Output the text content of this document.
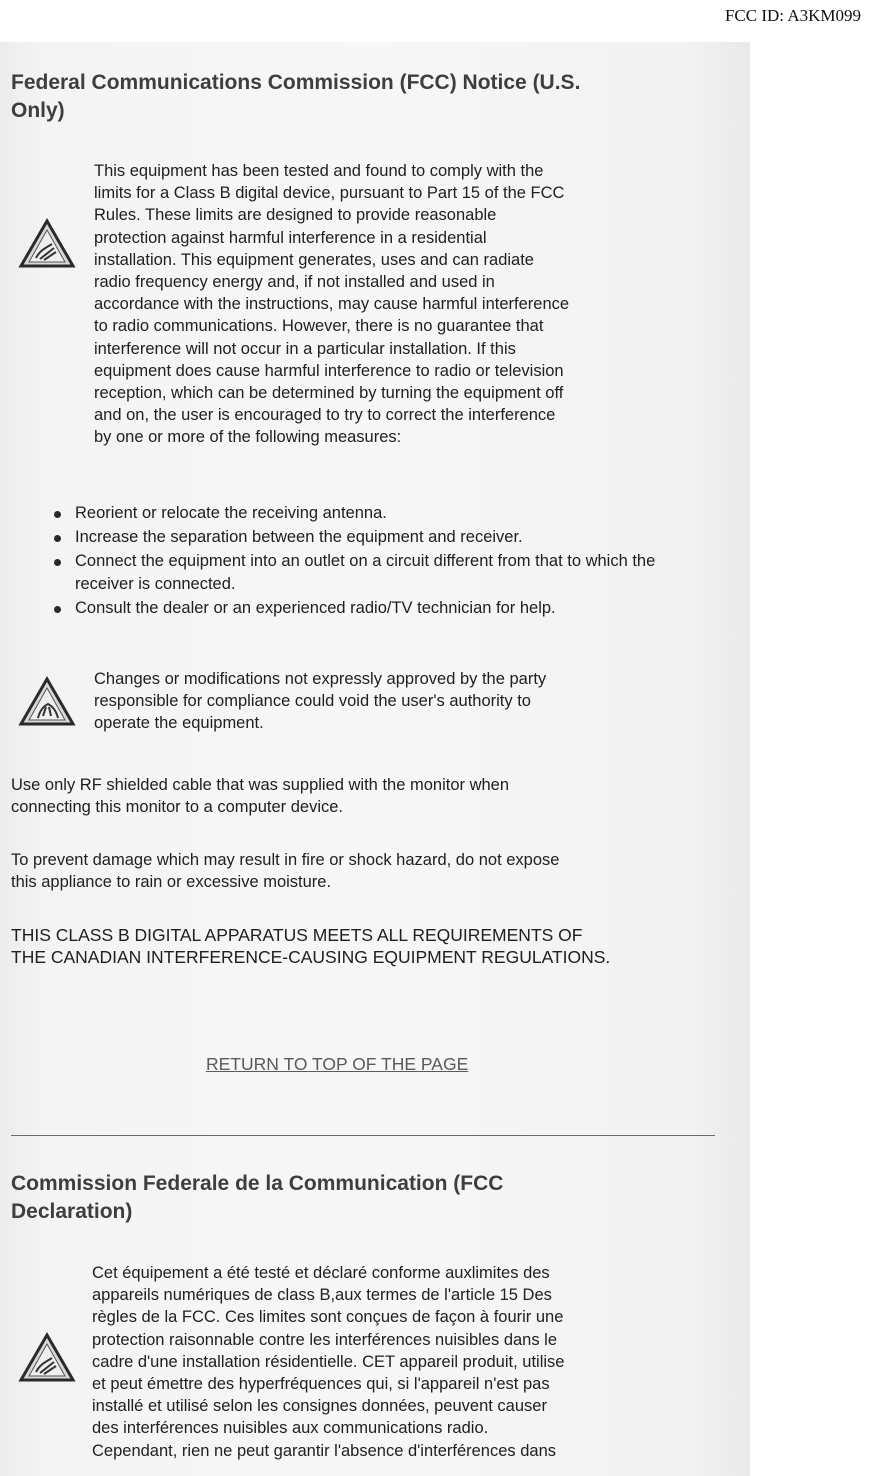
FCC ID: A3KM099
Federal Communications Commission (FCC) Notice (U.S.
Only)
This equipment has been tested and found to comply with the
limits for a Class B digital device, pursuant to Part 15 of the FCC
Rules. These limits are designed to provide reasonable
protection against harmful interference in a residential
installation. This equipment generates, uses and can radiate
radio frequency energy and, if not installed and used in
accordance with the instructions, may cause harmful interference
to radio communications. However, there is no guarantee that
interference will not occur in a particular installation. If this
equipment does cause harmful interference to radio or television
reception, which can be determined by turning the equipment off
and on, the user is encouraged to try to correct the interference
by one or more of the following measures:
Reorient or relocate the receiving antenna.
Increase the separation between the equipment and receiver.
Connect the equipment into an outlet on a circuit different from that to which the receiver is connected.
Consult the dealer or an experienced radio/TV technician for help.
Changes or modifications not expressly approved by the party
responsible for compliance could void the user's authority to
operate the equipment.
Use only RF shielded cable that was supplied with the monitor when
connecting this monitor to a computer device.
To prevent damage which may result in fire or shock hazard, do not expose
this appliance to rain or excessive moisture.
THIS CLASS B DIGITAL APPARATUS MEETS ALL REQUIREMENTS OF
THE CANADIAN INTERFERENCE-CAUSING EQUIPMENT REGULATIONS.
RETURN TO TOP OF THE PAGE
Commission Federale de la Communication (FCC
Declaration)
Cet équipement a été testé et déclaré conforme auxlimites des
appareils numériques de class B,aux termes de l'article 15 Des
règles de la FCC. Ces limites sont conçues de façon à fourir une
protection raisonnable contre les interférences nuisibles dans le
cadre d'une installation résidentielle. CET appareil produit, utilise
et peut émettre des hyperfréquences qui, si l'appareil n'est pas
installé et utilisé selon les consignes données, peuvent causer
des interférences nuisibles aux communications radio.
Cependant, rien ne peut garantir l'absence d'interférences dans
